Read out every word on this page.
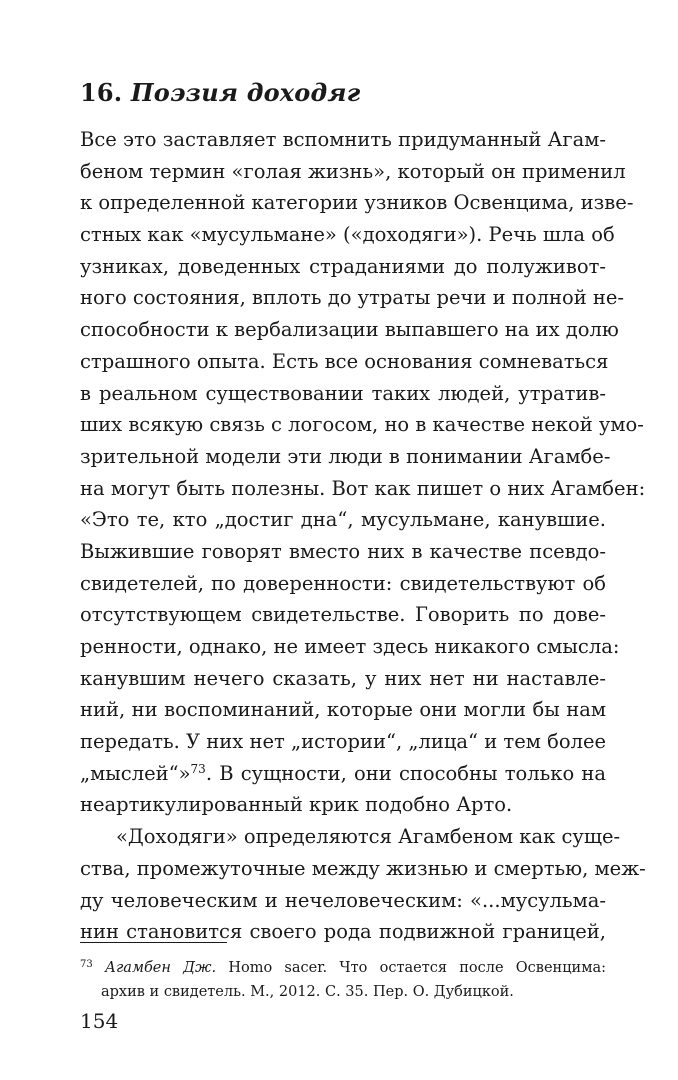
16. Поэзия доходяг
Все это заставляет вспомнить придуманный Агам-
беном термин «голая жизнь», который он применил
к определенной категории узников Освенцима, изве-
стных как «мусульмане» («доходяги»). Речь шла об
узниках, доведенных страданиями до полуживот-
ного состояния, вплоть до утраты речи и полной не-
способности к вербализации выпавшего на их долю
страшного опыта. Есть все основания сомневаться
в реальном существовании таких людей, утратив-
ших всякую связь с логосом, но в качестве некой умо-
зрительной модели эти люди в понимании Агамбе-
на могут быть полезны. Вот как пишет о них Агамбен:
«Это те, кто „достиг дна“, мусульмане, канувшие.
Выжившие говорят вместо них в качестве псевдо-
свидетелей, по доверенности: свидетельствуют об
отсутствующем свидетельстве. Говорить по дове-
ренности, однако, не имеет здесь никакого смысла:
канувшим нечего сказать, у них нет ни наставле-
ний, ни воспоминаний, которые они могли бы нам
передать. У них нет „истории“, „лица“ и тем более
„мыслей“»$^{73}$. В сущности, они способны только на
неартикулированный крик подобно Арто.
«Доходяги» определяются Агамбеном как суще-
ства, промежуточные между жизнью и смертью, меж-
ду человеческим и нечеловеческим: «...мусульма-
нин становится своего рода подвижной границей,
$^{73}$ Агамбен Дж. Homo sacer. Что остается после Освенцима:
архив и свидетель. М., 2012. С. 35. Пер. О. Дубицкой.
154
